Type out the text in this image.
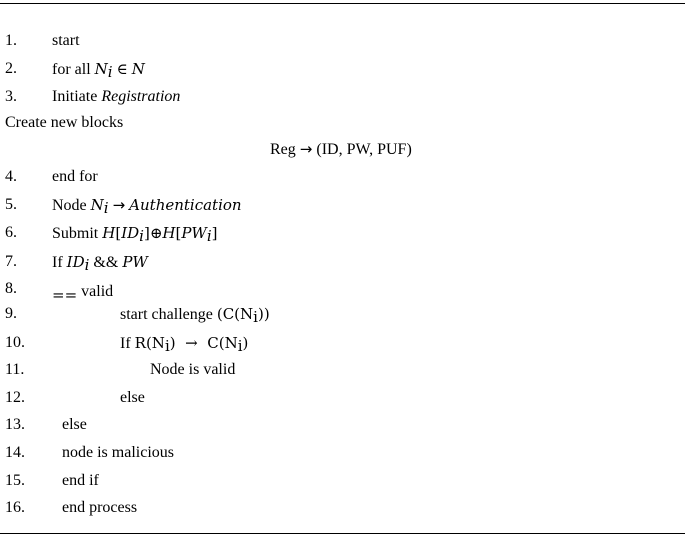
1. start
2. for all $N_i$ ∈ N
3. Initiate Registration
Create new blocks
Reg → (ID, PW, PUF)
4. end for
5. Node $N_i$ → Authentication
6. Submit $H[ID_i]\oplus H[PW_i]$
7. If $ID_i$ && PW
8. == valid
9.	start challenge $(C(N_i))$
10.	If $R(N_i) \to C(N_i)$
11.	Node is valid
12.	else
13. else
14. node is malicious
15. end if
16. end process
